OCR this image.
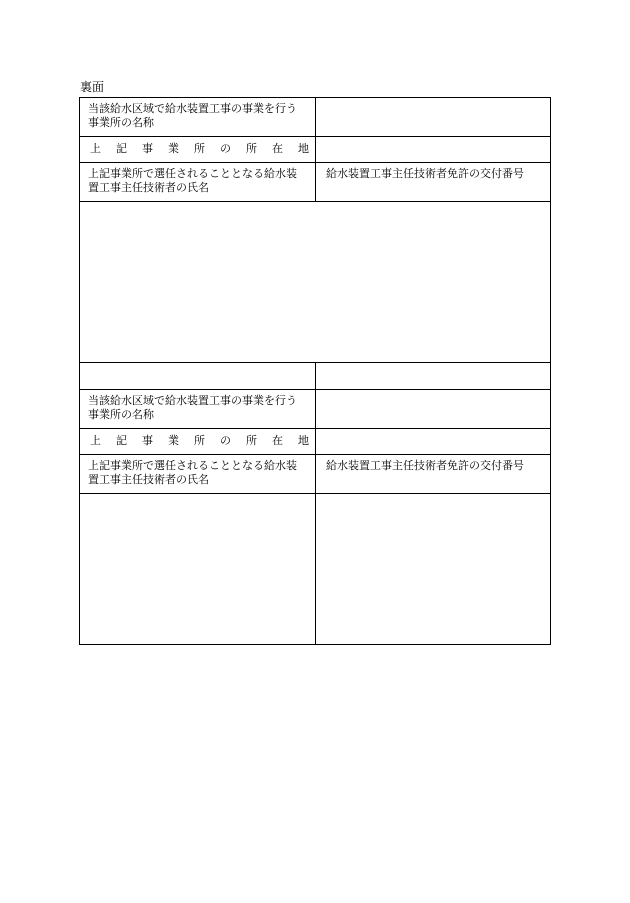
裏面
当該給水区域で給水装置工事の事業を行う事業所の名称
上 記 事 業 所 の 所 在 地
上記事業所で選任されることとなる給水装置工事主任技術者の氏名
給水装置工事主任技術者免許の交付番号
当該給水区域で給水装置工事の事業を行う事業所の名称
上 記 事 業 所 の 所 在 地
上記事業所で選任されることとなる給水装置工事主任技術者の氏名
給水装置工事主任技術者免許の交付番号
